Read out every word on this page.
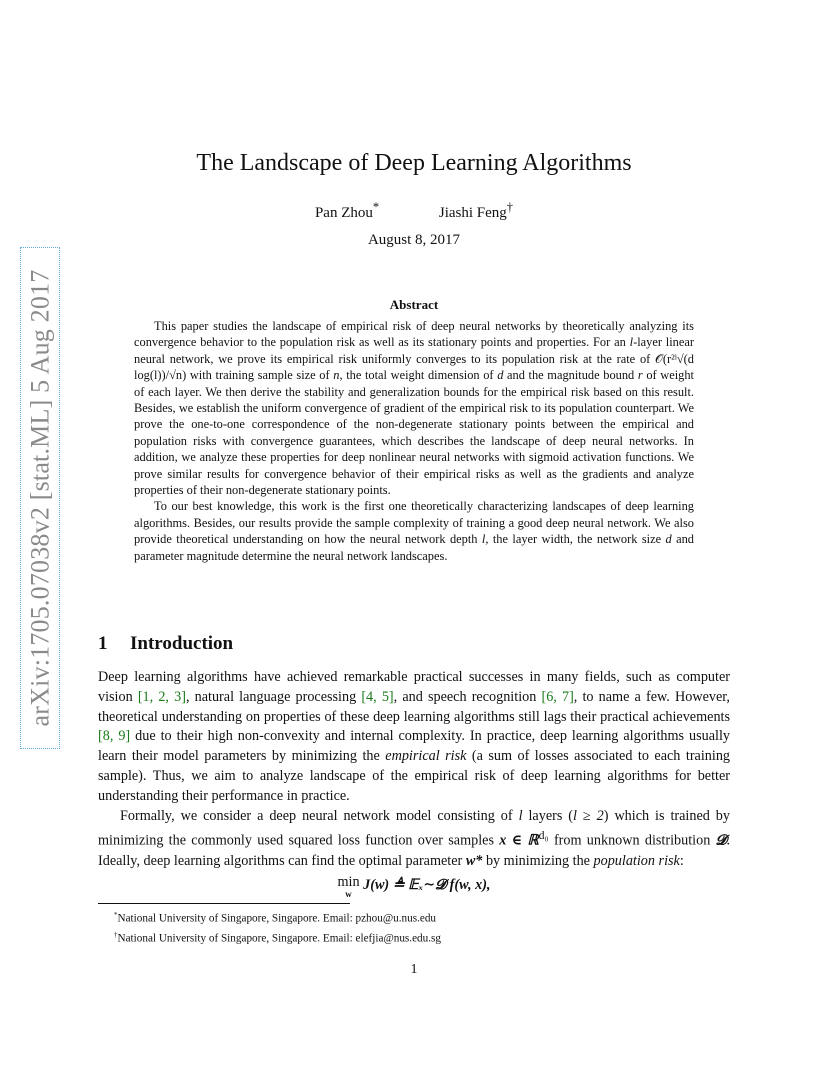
arXiv:1705.07038v2 [stat.ML] 5 Aug 2017
The Landscape of Deep Learning Algorithms
Pan Zhou*	Jiashi Feng†
August 8, 2017
Abstract

This paper studies the landscape of empirical risk of deep neural networks by theoretically analyzing its convergence behavior to the population risk as well as its stationary points and properties. For an l-layer linear neural network, we prove its empirical risk uniformly converges to its population risk at the rate of 𝒪(r²ˡ√(d log(l))/√n) with training sample size of n, the total weight dimension of d and the magnitude bound r of weight of each layer. We then derive the stability and generalization bounds for the empirical risk based on this result. Besides, we establish the uniform convergence of gradient of the empirical risk to its population counterpart. We prove the one-to-one correspondence of the non-degenerate stationary points between the empirical and population risks with convergence guarantees, which describes the landscape of deep neural networks. In addition, we analyze these properties for deep nonlinear neural networks with sigmoid activation functions. We prove similar results for convergence behavior of their empirical risks as well as the gradients and analyze properties of their non-degenerate stationary points.

To our best knowledge, this work is the first one theoretically characterizing landscapes of deep learning algorithms. Besides, our results provide the sample complexity of training a good deep neural network. We also provide theoretical understanding on how the neural network depth l, the layer width, the network size d and parameter magnitude determine the neural network landscapes.

1 Introduction

Deep learning algorithms have achieved remarkable practical successes in many fields, such as computer vision [1, 2, 3], natural language processing [4, 5], and speech recognition [6, 7], to name a few. However, theoretical understanding on properties of these deep learning algorithms still lags their practical achievements [8, 9] due to their high non-convexity and internal complexity. In practice, deep learning algorithms usually learn their model parameters by minimizing the empirical risk (a sum of losses associated to each training sample). Thus, we aim to analyze landscape of the empirical risk of deep learning algorithms for better understanding their performance in practice.

Formally, we consider a deep neural network model consisting of l layers (l ≥ 2) which is trained by minimizing the commonly used squared loss function over samples x ∈ ℝ$^{d_0}$ from unknown distribution 𝓓. Ideally, deep learning algorithms can find the optimal parameter w* by minimizing the population risk:

min
w
J(w) ≜ 𝔼ₓ∼𝓓 f(w, x),
*National University of Singapore, Singapore. Email: pzhou@u.nus.edu
†National University of Singapore, Singapore. Email: elefjia@nus.edu.sg
1
